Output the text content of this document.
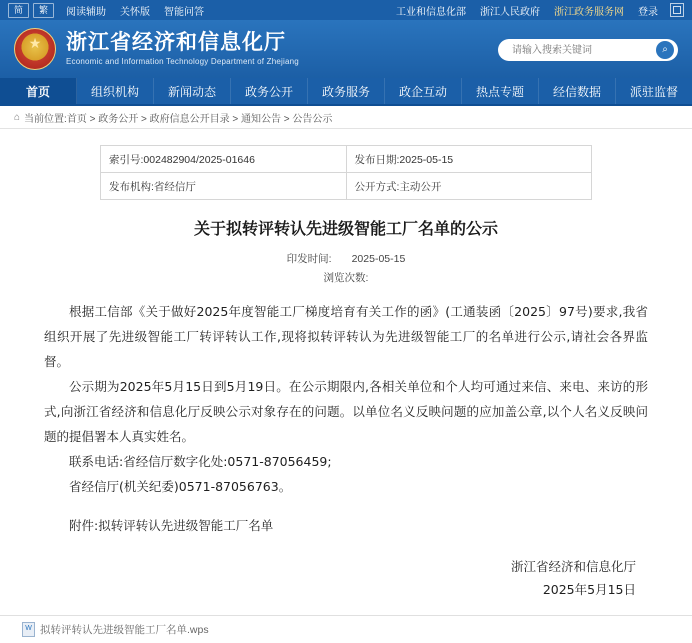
简	繁	阅读辅助 关怀版 智能问答	工业和信息化部 浙江人民政府 浙江政务服务网 登录
★
浙江省经济和信息化厅
Economic and Information Technology Department of Zhejiang
请输入搜索关键词
⌕
首页	组织机构	新闻动态	政务公开	政务服务	政企互动	热点专题	经信数据	派驻监督
⌂ 当前位置:首页 > 政务公开 > 政府信息公开目录 > 通知公告 > 公告公示
索引号:002482904/2025-01646	发布日期:2025-05-15
发布机构:省经信厅	公开方式:主动公开
关于拟转评转认先进级智能工厂名单的公示
印发时间: 2025-05-15
浏览次数:

根据工信部《关于做好2025年度智能工厂梯度培育有关工作的函》(工通装函〔2025〕97号)要求,我省组织开展了先进级智能工厂转评转认工作,现将拟转评转认为先进级智能工厂的名单进行公示,请社会各界监督。

公示期为2025年5月15日到5月19日。在公示期限内,各相关单位和个人均可通过来信、来电、来访的形式,向浙江省经济和信息化厅反映公示对象存在的问题。以单位名义反映问题的应加盖公章,以个人名义反映问题的提倡署本人真实姓名。

联系电话:省经信厅数字化处:0571-87056459;

省经信厅(机关纪委)0571-87056763。

附件:拟转评转认先进级智能工厂名单

浙江省经济和信息化厅
2025年5月15日
W
拟转评转认先进级智能工厂名单.wps
